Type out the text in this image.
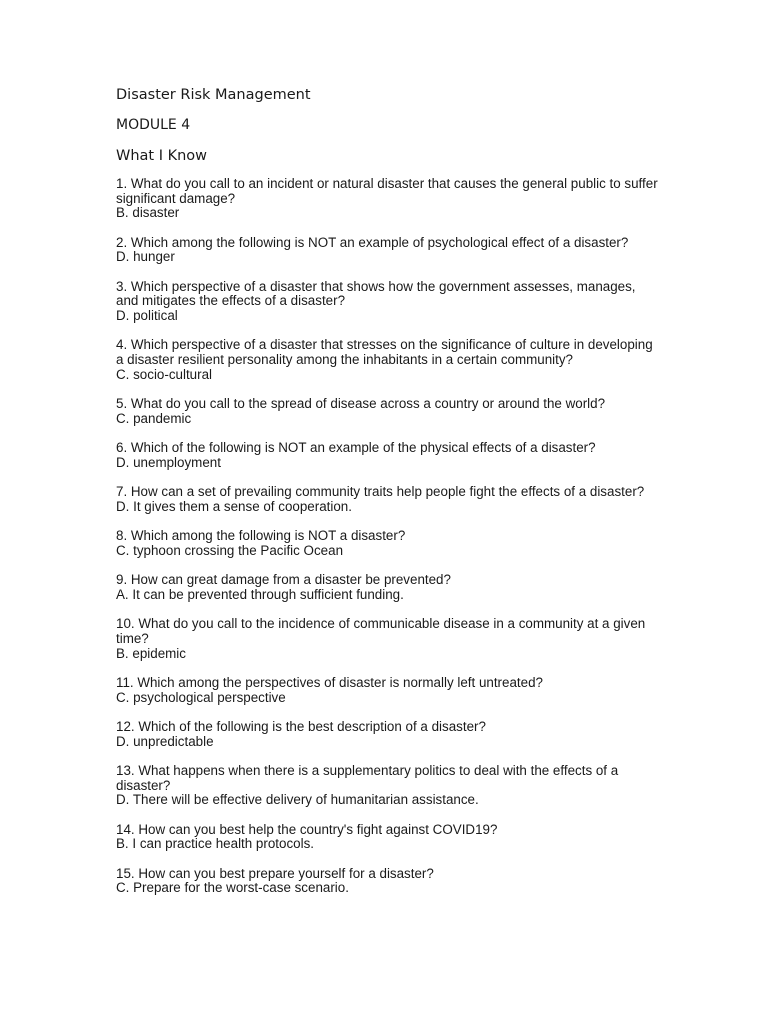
Disaster Risk Management
MODULE 4
What I Know

1. What do you call to an incident or natural disaster that causes the general public to suffer significant damage?

B. disaster

2. Which among the following is NOT an example of psychological effect of a disaster?

D. hunger

3. Which perspective of a disaster that shows how the government assesses, manages, and mitigates the effects of a disaster?

D. political

4. Which perspective of a disaster that stresses on the significance of culture in developing a disaster resilient personality among the inhabitants in a certain community?

C. socio-cultural

5. What do you call to the spread of disease across a country or around the world?

C. pandemic

6. Which of the following is NOT an example of the physical effects of a disaster?

D. unemployment

7. How can a set of prevailing community traits help people fight the effects of a disaster?

D. It gives them a sense of cooperation.

8. Which among the following is NOT a disaster?

C. typhoon crossing the Pacific Ocean

9. How can great damage from a disaster be prevented?

A. It can be prevented through sufficient funding.

10. What do you call to the incidence of communicable disease in a community at a given time?

B. epidemic

11. Which among the perspectives of disaster is normally left untreated?

C. psychological perspective

12. Which of the following is the best description of a disaster?

D. unpredictable

13. What happens when there is a supplementary politics to deal with the effects of a disaster?

D. There will be effective delivery of humanitarian assistance.

14. How can you best help the country's fight against COVID19?

B. I can practice health protocols.

15. How can you best prepare yourself for a disaster?

C. Prepare for the worst-case scenario.
